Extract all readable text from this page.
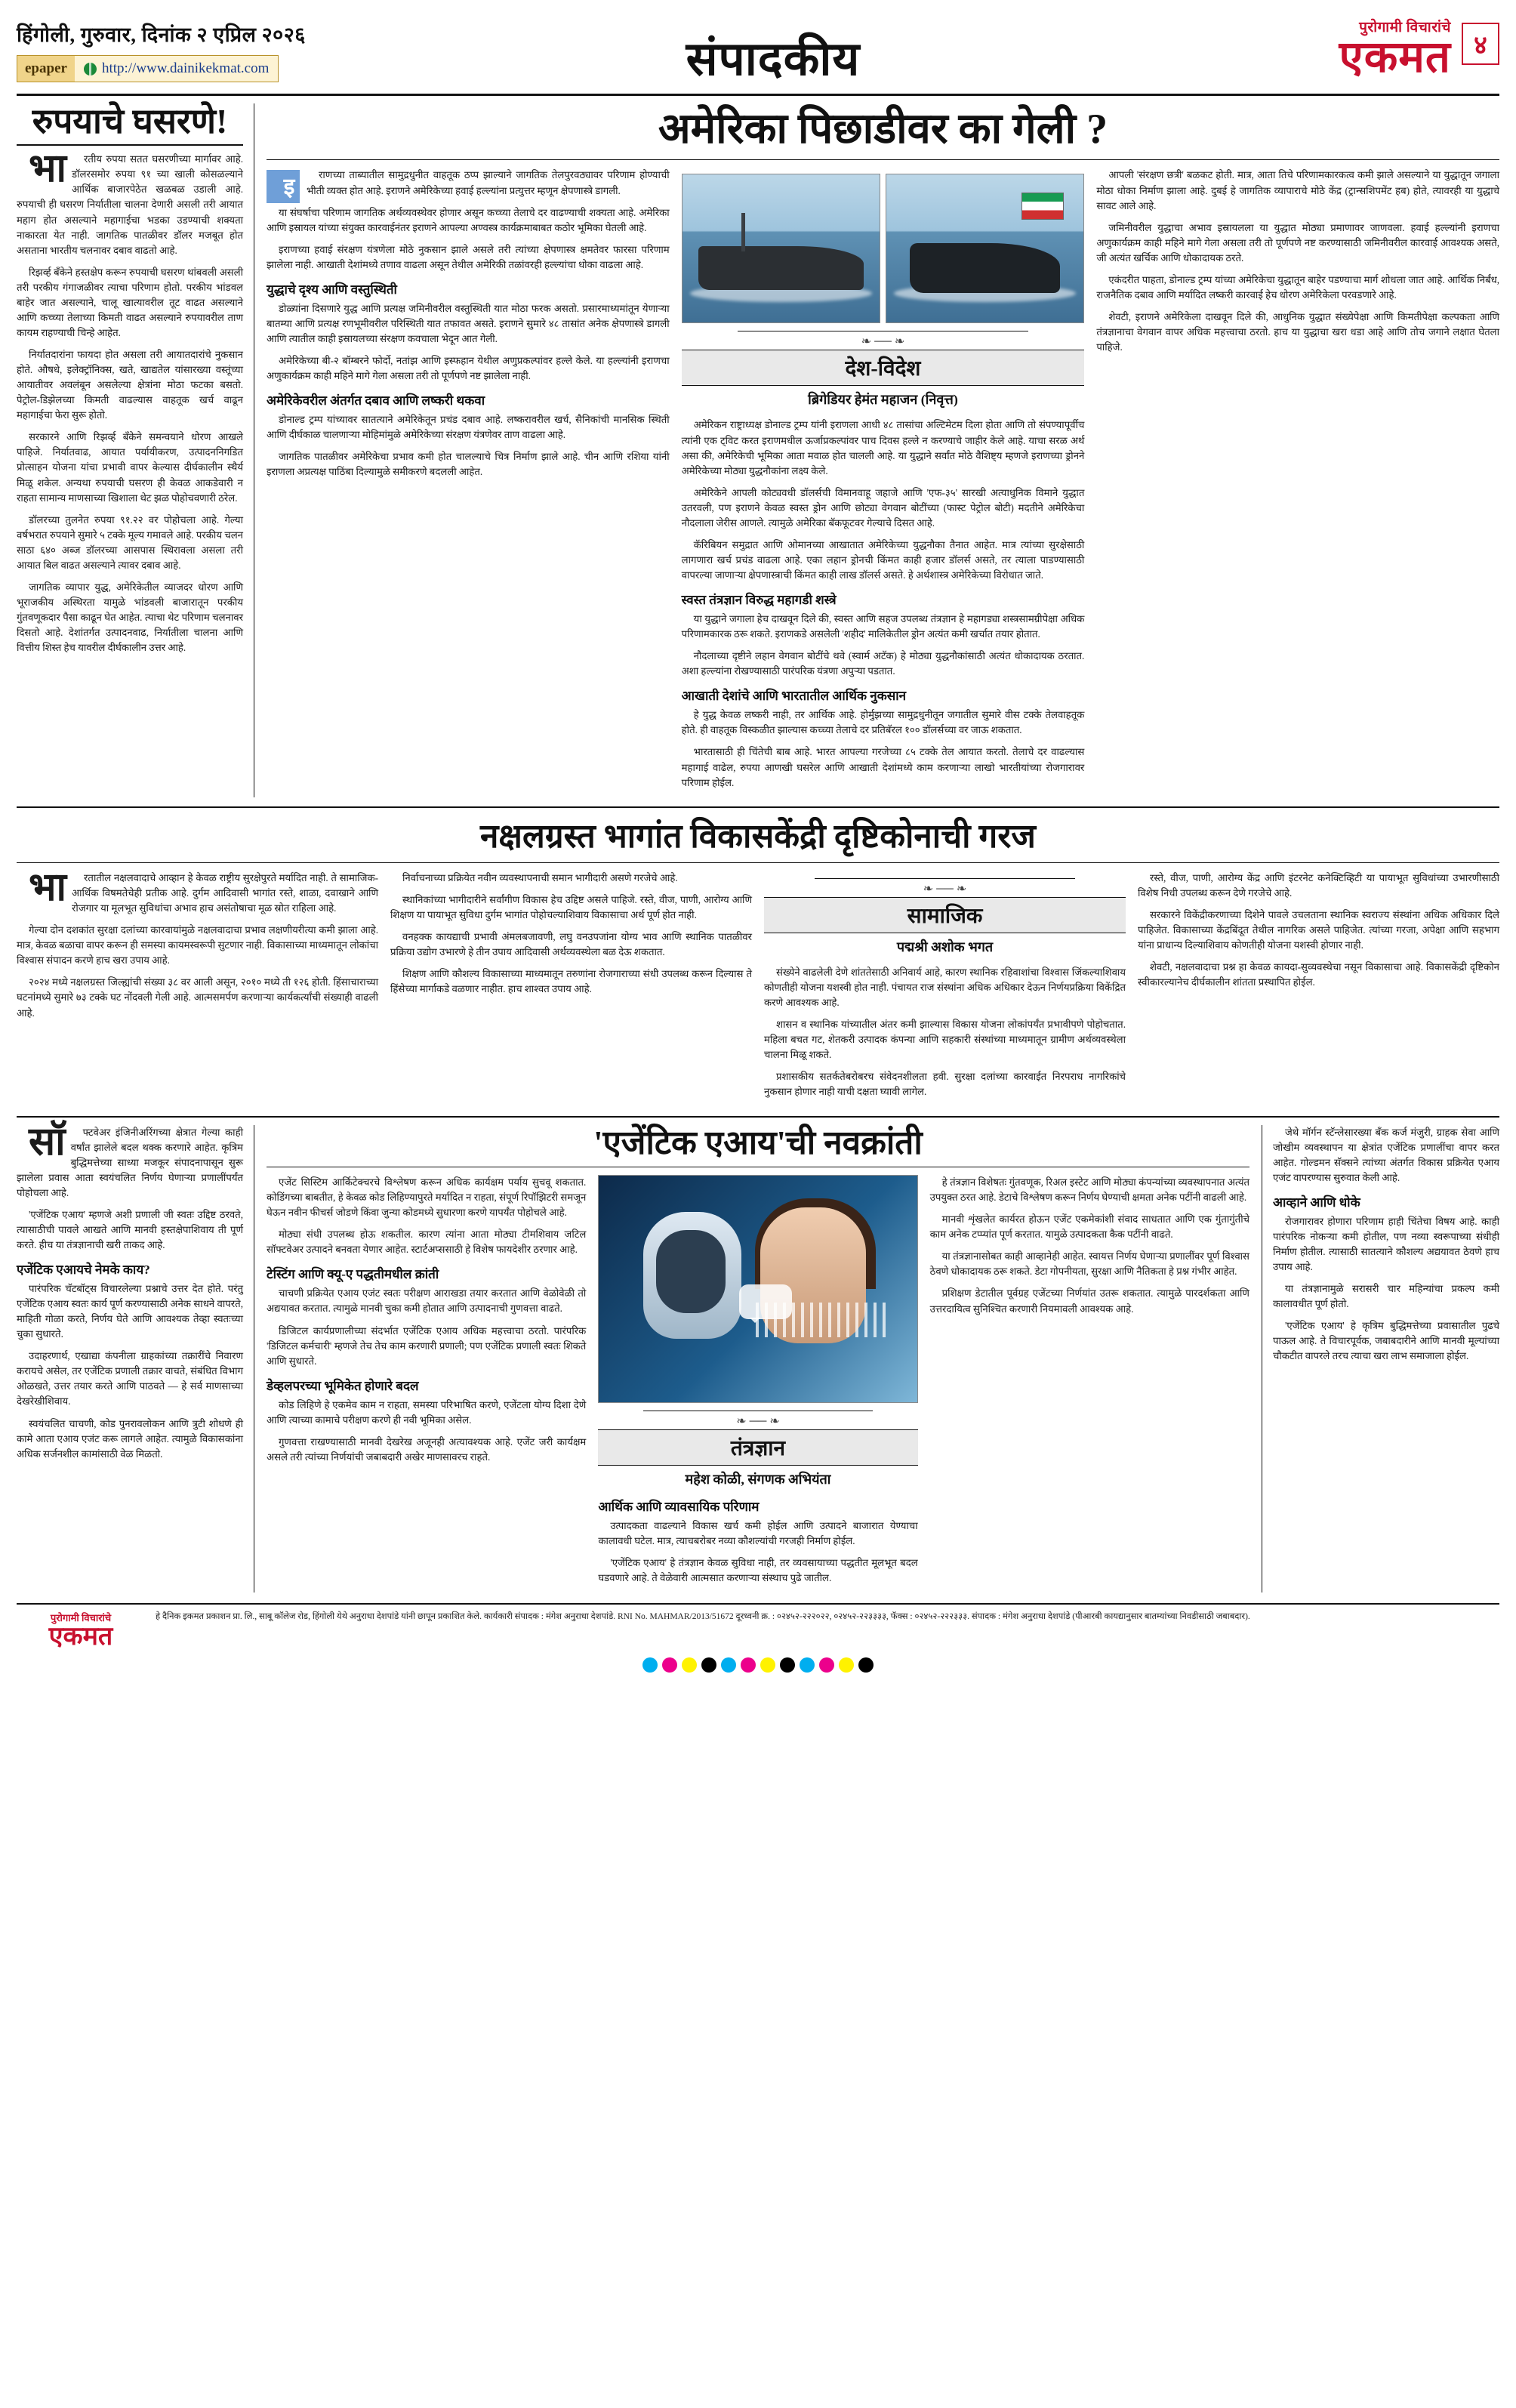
हिंगोली, गुरुवार, दिनांक २ एप्रिल २०२६
epaper	http://www.dainikekmat.com	संपादकीय
पुरोगामी विचारांचे
एकमत ४
रुपयाचे घसरणे!

भा रतीय रुपया सतत घसरणीच्या मार्गावर आहे. डॉलरसमोर रुपया ९१ च्या खाली कोसळल्याने आर्थिक बाजारपेठेत खळबळ उडाली आहे. रुपयाची ही घसरण निर्यातीला चालना देणारी असली तरी आयात महाग होत असल्याने महागाईचा भडका उडण्याची शक्यता नाकारता येत नाही. जागतिक पातळीवर डॉलर मजबूत होत असताना भारतीय चलनावर दबाव वाढतो आहे.

रिझर्व्ह बँकेने हस्तक्षेप करून रुपयाची घसरण थांबवली असली तरी परकीय गंगाजळीवर त्याचा परिणाम होतो. परकीय भांडवल बाहेर जात असल्याने, चालू खात्यावरील तूट वाढत असल्याने आणि कच्च्या तेलाच्या किमती वाढत असल्याने रुपयावरील ताण कायम राहण्याची चिन्हे आहेत.

निर्यातदारांना फायदा होत असला तरी आयातदारांचे नुकसान होते. औषधे, इलेक्ट्रॉनिक्स, खते, खाद्यतेल यांसारख्या वस्तूंच्या आयातीवर अवलंबून असलेल्या क्षेत्रांना मोठा फटका बसतो. पेट्रोल-डिझेलच्या किमती वाढल्यास वाहतूक खर्च वाढून महागाईचा फेरा सुरू होतो.

सरकारने आणि रिझर्व्ह बँकेने समन्वयाने धोरण आखले पाहिजे. निर्यातवाढ, आयात पर्यायीकरण, उत्पादननिगडित प्रोत्साहन योजना यांचा प्रभावी वापर केल्यास दीर्घकालीन स्थैर्य मिळू शकेल. अन्यथा रुपयाची घसरण ही केवळ आकडेवारी न राहता सामान्य माणसाच्या खिशाला थेट झळ पोहोचवणारी ठरेल.

डॉलरच्या तुलनेत रुपया ९१.२२ वर पोहोचला आहे. गेल्या वर्षभरात रुपयाने सुमारे ५ टक्के मूल्य गमावले आहे. परकीय चलन साठा ६४० अब्ज डॉलरच्या आसपास स्थिरावला असला तरी आयात बिल वाढत असल्याने त्यावर दबाव आहे.

जागतिक व्यापार युद्ध, अमेरिकेतील व्याजदर धोरण आणि भूराजकीय अस्थिरता यामुळे भांडवली बाजारातून परकीय गुंतवणूकदार पैसा काढून घेत आहेत. त्याचा थेट परिणाम चलनावर दिसतो आहे. देशांतर्गत उत्पादनवाढ, निर्यातीला चालना आणि वित्तीय शिस्त हेच यावरील दीर्घकालीन उत्तर आहे.

अमेरिका पिछाडीवर का गेली ?

इ	राणच्या ताब्यातील सामुद्रधुनीत वाहतूक ठप्प झाल्याने जागतिक तेलपुरवठ्यावर परिणाम होण्याची भीती व्यक्त होत आहे. इराणने अमेरिकेच्या हवाई हल्ल्यांना प्रत्युत्तर म्हणून क्षेपणास्त्रे डागली.

या संघर्षाचा परिणाम जागतिक अर्थव्यवस्थेवर होणार असून कच्च्या तेलाचे दर वाढण्याची शक्यता आहे. अमेरिका आणि इस्रायल यांच्या संयुक्त कारवाईनंतर इराणने आपल्या अण्वस्त्र कार्यक्रमाबाबत कठोर भूमिका घेतली आहे.

इराणच्या हवाई संरक्षण यंत्रणेला मोठे नुकसान झाले असले तरी त्यांच्या क्षेपणास्त्र क्षमतेवर फारसा परिणाम झालेला नाही. आखाती देशांमध्ये तणाव वाढला असून तेथील अमेरिकी तळांवरही हल्ल्यांचा धोका वाढला आहे.

युद्धाचे दृश्य आणि वस्तुस्थिती

डोळ्यांना दिसणारे युद्ध आणि प्रत्यक्ष जमिनीवरील वस्तुस्थिती यात मोठा फरक असतो. प्रसारमाध्यमांतून येणाऱ्या बातम्या आणि प्रत्यक्ष रणभूमीवरील परिस्थिती यात तफावत असते. इराणने सुमारे ४८ तासांत अनेक क्षेपणास्त्रे डागली आणि त्यातील काही इस्रायलच्या संरक्षण कवचाला भेदून आत गेली.

अमेरिकेच्या बी-२ बॉम्बरने फोर्दो, नतांझ आणि इस्फहान येथील अणुप्रकल्पांवर हल्ले केले. या हल्ल्यांनी इराणचा अणुकार्यक्रम काही महिने मागे गेला असला तरी तो पूर्णपणे नष्ट झालेला नाही.

अमेरिकेवरील अंतर्गत दबाव आणि लष्करी थकवा

डोनाल्ड ट्रम्प यांच्यावर सातत्याने अमेरिकेतून प्रचंड दबाव आहे. लष्करावरील खर्च, सैनिकांची मानसिक स्थिती आणि दीर्घकाळ चालणाऱ्या मोहिमांमुळे अमेरिकेच्या संरक्षण यंत्रणेवर ताण वाढला आहे.

जागतिक पातळीवर अमेरिकेचा प्रभाव कमी होत चालल्याचे चित्र निर्माण झाले आहे. चीन आणि रशिया यांनी इराणला अप्रत्यक्ष पाठिंबा दिल्यामुळे समीकरणे बदलली आहेत.

❧ ── ❧
देश-विदेश
ब्रिगेडियर हेमंत महाजन (निवृत्त)

अमेरिकन राष्ट्राध्यक्ष डोनाल्ड ट्रम्प यांनी इराणला आधी ४८ तासांचा अल्टिमेटम दिला होता आणि तो संपण्यापूर्वीच त्यांनी एक ट्विट करत इराणमधील ऊर्जाप्रकल्पांवर पाच दिवस हल्ले न करण्याचे जाहीर केले आहे. याचा सरळ अर्थ असा की, अमेरिकेची भूमिका आता मवाळ होत चालली आहे. या युद्धाने सर्वांत मोठे वैशिष्ट्य म्हणजे इराणच्या ड्रोनने अमेरिकेच्या मोठ्या युद्धनौकांना लक्ष्य केले.

अमेरिकेने आपली कोट्यवधी डॉलर्सची विमानवाहू जहाजे आणि 'एफ-३५' सारखी अत्याधुनिक विमाने युद्धात उतरवली, पण इराणने केवळ स्वस्त ड्रोन आणि छोट्या वेगवान बोटींच्या (फास्ट पेट्रोल बोटी) मदतीने अमेरिकेचा नौदलाला जेरीस आणले. त्यामुळे अमेरिका बॅकफूटवर गेल्याचे दिसत आहे.

कॅरिबियन समुद्रात आणि ओमानच्या आखातात अमेरिकेच्या युद्धनौका तैनात आहेत. मात्र त्यांच्या सुरक्षेसाठी लागणारा खर्च प्रचंड वाढला आहे. एका लहान ड्रोनची किंमत काही हजार डॉलर्स असते, तर त्याला पाडण्यासाठी वापरल्या जाणाऱ्या क्षेपणास्त्राची किंमत काही लाख डॉलर्स असते. हे अर्थशास्त्र अमेरिकेच्या विरोधात जाते.

स्वस्त तंत्रज्ञान विरुद्ध महागडी शस्त्रे

या युद्धाने जगाला हेच दाखवून दिले की, स्वस्त आणि सहज उपलब्ध तंत्रज्ञान हे महागड्या शस्त्रसामग्रीपेक्षा अधिक परिणामकारक ठरू शकते. इराणकडे असलेली 'शहीद' मालिकेतील ड्रोन अत्यंत कमी खर्चात तयार होतात.

नौदलाच्या दृष्टीने लहान वेगवान बोटींचे थवे (स्वार्म अटॅक) हे मोठ्या युद्धनौकांसाठी अत्यंत धोकादायक ठरतात. अशा हल्ल्यांना रोखण्यासाठी पारंपरिक यंत्रणा अपुऱ्या पडतात.

आखाती देशांचे आणि भारतातील आर्थिक नुकसान

हे युद्ध केवळ लष्करी नाही, तर आर्थिक आहे. होर्मुझच्या सामुद्रधुनीतून जगातील सुमारे वीस टक्के तेलवाहतूक होते. ही वाहतूक विस्कळीत झाल्यास कच्च्या तेलाचे दर प्रतिबॅरल १०० डॉलर्सच्या वर जाऊ शकतात.

भारतासाठी ही चिंतेची बाब आहे. भारत आपल्या गरजेच्या ८५ टक्के तेल आयात करतो. तेलाचे दर वाढल्यास महागाई वाढेल, रुपया आणखी घसरेल आणि आखाती देशांमध्ये काम करणाऱ्या लाखो भारतीयांच्या रोजगारावर परिणाम होईल.

आपली 'संरक्षण छत्री' बळकट होती. मात्र, आता तिचे परिणामकारकत्व कमी झाले असल्याने या युद्धातून जगाला मोठा धोका निर्माण झाला आहे. दुबई हे जागतिक व्यापाराचे मोठे केंद्र (ट्रान्सशिपमेंट हब) होते, त्यावरही या युद्धाचे सावट आले आहे.

जमिनीवरील युद्धाचा अभाव इस्रायलला या युद्धात मोठ्या प्रमाणावर जाणवला. हवाई हल्ल्यांनी इराणचा अणुकार्यक्रम काही महिने मागे गेला असला तरी तो पूर्णपणे नष्ट करण्यासाठी जमिनीवरील कारवाई आवश्यक असते, जी अत्यंत खर्चिक आणि धोकादायक ठरते.

एकंदरीत पाहता, डोनाल्ड ट्रम्प यांच्या अमेरिकेचा युद्धातून बाहेर पडण्याचा मार्ग शोधला जात आहे. आर्थिक निर्बंध, राजनैतिक दबाव आणि मर्यादित लष्करी कारवाई हेच धोरण अमेरिकेला परवडणारे आहे.

शेवटी, इराणने अमेरिकेला दाखवून दिले की, आधुनिक युद्धात संख्येपेक्षा आणि किमतीपेक्षा कल्पकता आणि तंत्रज्ञानाचा वेगवान वापर अधिक महत्त्वाचा ठरतो. हाच या युद्धाचा खरा धडा आहे आणि तोच जगाने लक्षात घेतला पाहिजे.

नक्षलग्रस्त भागांत विकासकेंद्री दृष्टिकोनाची गरज

भा रतातील नक्षलवादाचे आव्हान हे केवळ राष्ट्रीय सुरक्षेपुरते मर्यादित नाही. ते सामाजिक-आर्थिक विषमतेचेही प्रतीक आहे. दुर्गम आदिवासी भागांत रस्ते, शाळा, दवाखाने आणि रोजगार या मूलभूत सुविधांचा अभाव हाच असंतोषाचा मूळ स्रोत राहिला आहे.

गेल्या दोन दशकांत सुरक्षा दलांच्या कारवायांमुळे नक्षलवादाचा प्रभाव लक्षणीयरीत्या कमी झाला आहे. मात्र, केवळ बळाचा वापर करून ही समस्या कायमस्वरूपी सुटणार नाही. विकासाच्या माध्यमातून लोकांचा विश्वास संपादन करणे हाच खरा उपाय आहे.

२०२४ मध्ये नक्षलग्रस्त जिल्ह्यांची संख्या ३८ वर आली असून, २०१० मध्ये ती १२६ होती. हिंसाचाराच्या घटनांमध्ये सुमारे ७३ टक्के घट नोंदवली गेली आहे. आत्मसमर्पण करणाऱ्या कार्यकर्त्यांची संख्याही वाढली आहे.

निर्वाचनाच्या प्रक्रियेत नवीन व्यवस्थापनाची समान भागीदारी असणे गरजेचे आहे.

स्थानिकांच्या भागीदारीने सर्वांगीण विकास हेच उद्दिष्ट असले पाहिजे. रस्ते, वीज, पाणी, आरोग्य आणि शिक्षण या पायाभूत सुविधा दुर्गम भागांत पोहोचल्याशिवाय विकासाचा अर्थ पूर्ण होत नाही.

वनहक्क कायद्याची प्रभावी अंमलबजावणी, लघु वनउपजांना योग्य भाव आणि स्थानिक पातळीवर प्रक्रिया उद्योग उभारणे हे तीन उपाय आदिवासी अर्थव्यवस्थेला बळ देऊ शकतात.

शिक्षण आणि कौशल्य विकासाच्या माध्यमातून तरुणांना रोजगाराच्या संधी उपलब्ध करून दिल्यास ते हिंसेच्या मार्गाकडे वळणार नाहीत. हाच शाश्वत उपाय आहे.

❧ ── ❧
सामाजिक
पद्मश्री अशोक भगत

संख्येने वाढलेली देणे शांततेसाठी अनिवार्य आहे, कारण स्थानिक रहिवाशांचा विश्वास जिंकल्याशिवाय कोणतीही योजना यशस्वी होत नाही. पंचायत राज संस्थांना अधिक अधिकार देऊन निर्णयप्रक्रिया विकेंद्रित करणे आवश्यक आहे.

शासन व स्थानिक यांच्यातील अंतर कमी झाल्यास विकास योजना लोकांपर्यंत प्रभावीपणे पोहोचतात. महिला बचत गट, शेतकरी उत्पादक कंपन्या आणि सहकारी संस्थांच्या माध्यमातून ग्रामीण अर्थव्यवस्थेला चालना मिळू शकते.

प्रशासकीय सतर्कतेबरोबरच संवेदनशीलता हवी. सुरक्षा दलांच्या कारवाईत निरपराध नागरिकांचे नुकसान होणार नाही याची दक्षता घ्यावी लागेल.

रस्ते, वीज, पाणी, आरोग्य केंद्र आणि इंटरनेट कनेक्टिव्हिटी या पायाभूत सुविधांच्या उभारणीसाठी विशेष निधी उपलब्ध करून देणे गरजेचे आहे.

सरकारने विकेंद्रीकरणाच्या दिशेने पावले उचलताना स्थानिक स्वराज्य संस्थांना अधिक अधिकार दिले पाहिजेत. विकासाच्या केंद्रबिंदूत तेथील नागरिक असले पाहिजेत. त्यांच्या गरजा, अपेक्षा आणि सहभाग यांना प्राधान्य दिल्याशिवाय कोणतीही योजना यशस्वी होणार नाही.

शेवटी, नक्षलवादाचा प्रश्न हा केवळ कायदा-सुव्यवस्थेचा नसून विकासाचा आहे. विकासकेंद्री दृष्टिकोन स्वीकारल्यानेच दीर्घकालीन शांतता प्रस्थापित होईल.

सॉ फ्टवेअर इंजिनीअरिंगच्या क्षेत्रात गेल्या काही वर्षांत झालेले बदल थक्क करणारे आहेत. कृत्रिम बुद्धिमत्तेच्या साध्या मजकूर संपादनापासून सुरू झालेला प्रवास आता स्वयंचलित निर्णय घेणाऱ्या प्रणालींपर्यंत पोहोचला आहे.

'एजेंटिक एआय' म्हणजे अशी प्रणाली जी स्वतः उद्दिष्ट ठरवते, त्यासाठीची पावले आखते आणि मानवी हस्तक्षेपाशिवाय ती पूर्ण करते. हीच या तंत्रज्ञानाची खरी ताकद आहे.

एजेंटिक एआयचे नेमके काय?

पारंपरिक चॅटबॉट्स विचारलेल्या प्रश्नाचे उत्तर देत होते. परंतु एजेंटिक एआय स्वतः कार्य पूर्ण करण्यासाठी अनेक साधने वापरते, माहिती गोळा करते, निर्णय घेते आणि आवश्यक तेव्हा स्वतःच्या चुका सुधारते.

उदाहरणार्थ, एखाद्या कंपनीला ग्राहकांच्या तक्रारींचे निवारण करायचे असेल, तर एजेंटिक प्रणाली तक्रार वाचते, संबंधित विभाग ओळखते, उत्तर तयार करते आणि पाठवते — हे सर्व माणसाच्या देखरेखीशिवाय.

स्वयंचलित चाचणी, कोड पुनरावलोकन आणि त्रुटी शोधणे ही कामे आता एआय एजंट करू लागले आहेत. त्यामुळे विकासकांना अधिक सर्जनशील कामांसाठी वेळ मिळतो.

'एजेंटिक एआय'ची नवक्रांती

एजेंट सिस्टिम आर्किटेक्चरचे विश्लेषण करून अधिक कार्यक्षम पर्याय सुचवू शकतात. कोडिंगच्या बाबतीत, हे केवळ कोड लिहिण्यापुरते मर्यादित न राहता, संपूर्ण रिपॉझिटरी समजून घेऊन नवीन फीचर्स जोडणे किंवा जुन्या कोडमध्ये सुधारणा करणे यापर्यंत पोहोचले आहे.

मोठ्या संधी उपलब्ध होऊ शकतील. कारण त्यांना आता मोठ्या टीमशिवाय जटिल सॉफ्टवेअर उत्पादने बनवता येणार आहेत. स्टार्टअप्ससाठी हे विशेष फायदेशीर ठरणार आहे.

टेस्टिंग आणि क्यू-ए पद्धतीमधील क्रांती

चाचणी प्रक्रियेत एआय एजंट स्वतः परीक्षण आराखडा तयार करतात आणि वेळोवेळी तो अद्ययावत करतात. त्यामुळे मानवी चुका कमी होतात आणि उत्पादनाची गुणवत्ता वाढते.

डिजिटल कार्यप्रणालीच्या संदर्भात एजेंटिक एआय अधिक महत्त्वाचा ठरतो. पारंपरिक 'डिजिटल कर्मचारी' म्हणजे तेच तेच काम करणारी प्रणाली; पण एजेंटिक प्रणाली स्वतः शिकते आणि सुधारते.

डेव्हलपरच्या भूमिकेत होणारे बदल

कोड लिहिणे हे एकमेव काम न राहता, समस्या परिभाषित करणे, एजेंटला योग्य दिशा देणे आणि त्याच्या कामाचे परीक्षण करणे ही नवी भूमिका असेल.

गुणवत्ता राखण्यासाठी मानवी देखरेख अजूनही अत्यावश्यक आहे. एजेंट जरी कार्यक्षम असले तरी त्यांच्या निर्णयांची जबाबदारी अखेर माणसावरच राहते.

❧ ── ❧
तंत्रज्ञान
महेश कोळी, संगणक अभियंता
आर्थिक आणि व्यावसायिक परिणाम

उत्पादकता वाढल्याने विकास खर्च कमी होईल आणि उत्पादने बाजारात येण्याचा कालावधी घटेल. मात्र, त्याचबरोबर नव्या कौशल्यांची गरजही निर्माण होईल.

'एजेंटिक एआय' हे तंत्रज्ञान केवळ सुविधा नाही, तर व्यवसायाच्या पद्धतीत मूलभूत बदल घडवणारे आहे. ते वेळेवारी आत्मसात करणाऱ्या संस्थाच पुढे जातील.

हे तंत्रज्ञान विशेषतः गुंतवणूक, रिअल इस्टेट आणि मोठ्या कंपन्यांच्या व्यवस्थापनात अत्यंत उपयुक्त ठरत आहे. डेटाचे विश्लेषण करून निर्णय घेण्याची क्षमता अनेक पटींनी वाढली आहे.

मानवी शृंखलेत कार्यरत होऊन एजेंट एकमेकांशी संवाद साधतात आणि एक गुंतागुंतीचे काम अनेक टप्प्यांत पूर्ण करतात. यामुळे उत्पादकता कैक पटींनी वाढते.

या तंत्रज्ञानासोबत काही आव्हानेही आहेत. स्वायत्त निर्णय घेणाऱ्या प्रणालींवर पूर्ण विश्वास ठेवणे धोकादायक ठरू शकते. डेटा गोपनीयता, सुरक्षा आणि नैतिकता हे प्रश्न गंभीर आहेत.

प्रशिक्षण डेटातील पूर्वग्रह एजेंटच्या निर्णयांत उतरू शकतात. त्यामुळे पारदर्शकता आणि उत्तरदायित्व सुनिश्चित करणारी नियमावली आवश्यक आहे.

जेथे मॉर्गन स्टॅन्लेसारख्या बँक कर्ज मंजुरी, ग्राहक सेवा आणि जोखीम व्यवस्थापन या क्षेत्रांत एजेंटिक प्रणालींचा वापर करत आहेत. गोल्डमन सॅक्सने त्यांच्या अंतर्गत विकास प्रक्रियेत एआय एजंट वापरण्यास सुरुवात केली आहे.

आव्हाने आणि धोके

रोजगारावर होणारा परिणाम हाही चिंतेचा विषय आहे. काही पारंपरिक नोकऱ्या कमी होतील, पण नव्या स्वरूपाच्या संधीही निर्माण होतील. त्यासाठी सातत्याने कौशल्य अद्ययावत ठेवणे हाच उपाय आहे.

या तंत्रज्ञानामुळे सरासरी चार महिन्यांचा प्रकल्प कमी कालावधीत पूर्ण होतो.

'एजेंटिक एआय' हे कृत्रिम बुद्धिमत्तेच्या प्रवासातील पुढचे पाऊल आहे. ते विचारपूर्वक, जबाबदारीने आणि मानवी मूल्यांच्या चौकटीत वापरले तरच त्याचा खरा लाभ समाजाला होईल.

पुरोगामी विचारांचे
एकमत
हे दैनिक इकमत प्रकाशन प्रा. लि., साबू कॉलेज रोड, हिंगोली येथे अनुराधा देशपांडे यांनी छापून प्रकाशित केले. कार्यकारी संपादक : मंगेश अनुराधा देशपांडे. RNI No. MAHMAR/2013/51672 दूरध्वनी क्र. : ०२४५२-२२२०२२, ०२४५२-२२३३३३, फॅक्स : ०२४५२-२२२३३३. संपादक : मंगेश अनुराधा देशपांडे (पीआरबी कायद्यानुसार बातम्यांच्या निवडीसाठी जबाबदार).
